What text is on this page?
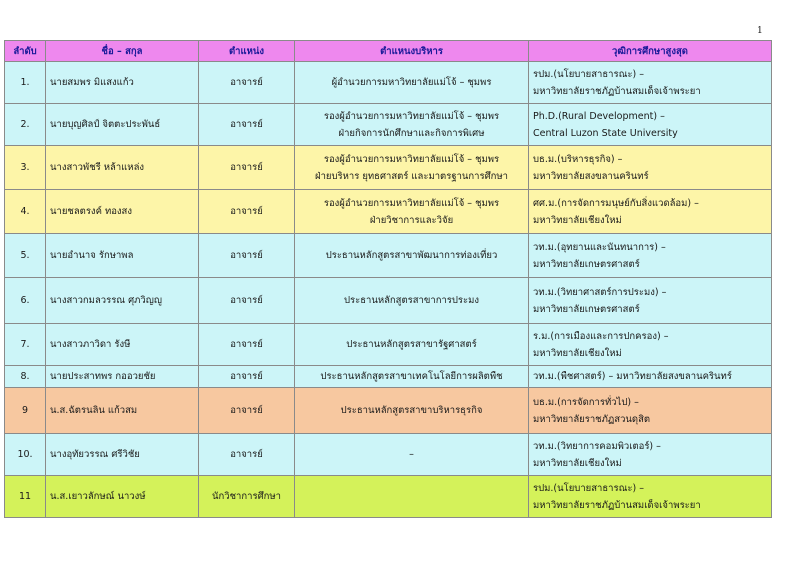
1
ลำดับ	ชื่อ – สกุล	ตำแหน่ง	ตำแหนงบริหาร	วุฒิการศึกษาสูงสุด
1.	นายสมพร มิแสงแก้ว	อาจารย์	ผู้อำนวยการมหาวิทยาลัยแม่โจ้ – ชุมพร	รปม.(นโยบายสาธารณะ) –
มหาวิทยาลัยราชภัฏบ้านสมเด็จเจ้าพระยา

2.	นายบุญศิลป์ จิตตะประพันธ์	อาจารย์	รองผู้อำนวยการมหาวิทยาลัยแม่โจ้ – ชุมพร
ฝ่ายกิจการนักศึกษาและกิจการพิเศษ	Ph.D.(Rural Development) –
Central Luzon State University

3.	นางสาวพัชรี หล้าแหล่ง	อาจารย์	รองผู้อำนวยการมหาวิทยาลัยแม่โจ้ – ชุมพร
ฝ่ายบริหาร ยุทธศาสตร์ และมาตรฐานการศึกษา	บธ.ม.(บริหารธุรกิจ) –
มหาวิทยาลัยสงขลานครินทร์

4.	นายชลตรงค์ ทองสง	อาจารย์	รองผู้อำนวยการมหาวิทยาลัยแม่โจ้ – ชุมพร
ฝ่ายวิชาการและวิจัย	ศศ.ม.(การจัดการมนุษย์กับสิ่งแวดล้อม) –
มหาวิทยาลัยเชียงใหม่

5.	นายอำนาจ รักษาพล	อาจารย์	ประธานหลักสูตรสาขาพัฒนาการท่องเที่ยว	วท.ม.(อุทยานและนันทนาการ) –
มหาวิทยาลัยเกษตรศาสตร์

6.	นางสาวกมลวรรณ ศุภวิญญู	อาจารย์	ประธานหลักสูตรสาขาการประมง	วท.ม.(วิทยาศาสตร์การประมง) –
มหาวิทยาลัยเกษตรศาสตร์

7.	นางสาวภาวิดา รังษี	อาจารย์	ประธานหลักสูตรสาขารัฐศาสตร์	ร.ม.(การเมืองและการปกครอง) –
มหาวิทยาลัยเชียงใหม่

8.	นายประสาทพร กออวยชัย	อาจารย์	ประธานหลักสูตรสาขาเทคโนโลยีการผลิตพืช	วท.ม.(พืชศาสตร์) – มหาวิทยาลัยสงขลานครินทร์

9	น.ส.ฉัตรนลิน แก้วสม	อาจารย์	ประธานหลักสูตรสาขาบริหารธุรกิจ	บธ.ม.(การจัดการทั่วไป) –
มหาวิทยาลัยราชภัฏสวนดุสิต

10.	นางอุทัยวรรณ ศรีวิชัย	อาจารย์	–	วท.ม.(วิทยาการคอมพิวเตอร์) –
มหาวิทยาลัยเชียงใหม่

11	น.ส.เยาวลักษณ์ นาวงษ์	นักวิชาการศึกษา		รปม.(นโยบายสาธารณะ) –
มหาวิทยาลัยราชภัฏบ้านสมเด็จเจ้าพระยา
